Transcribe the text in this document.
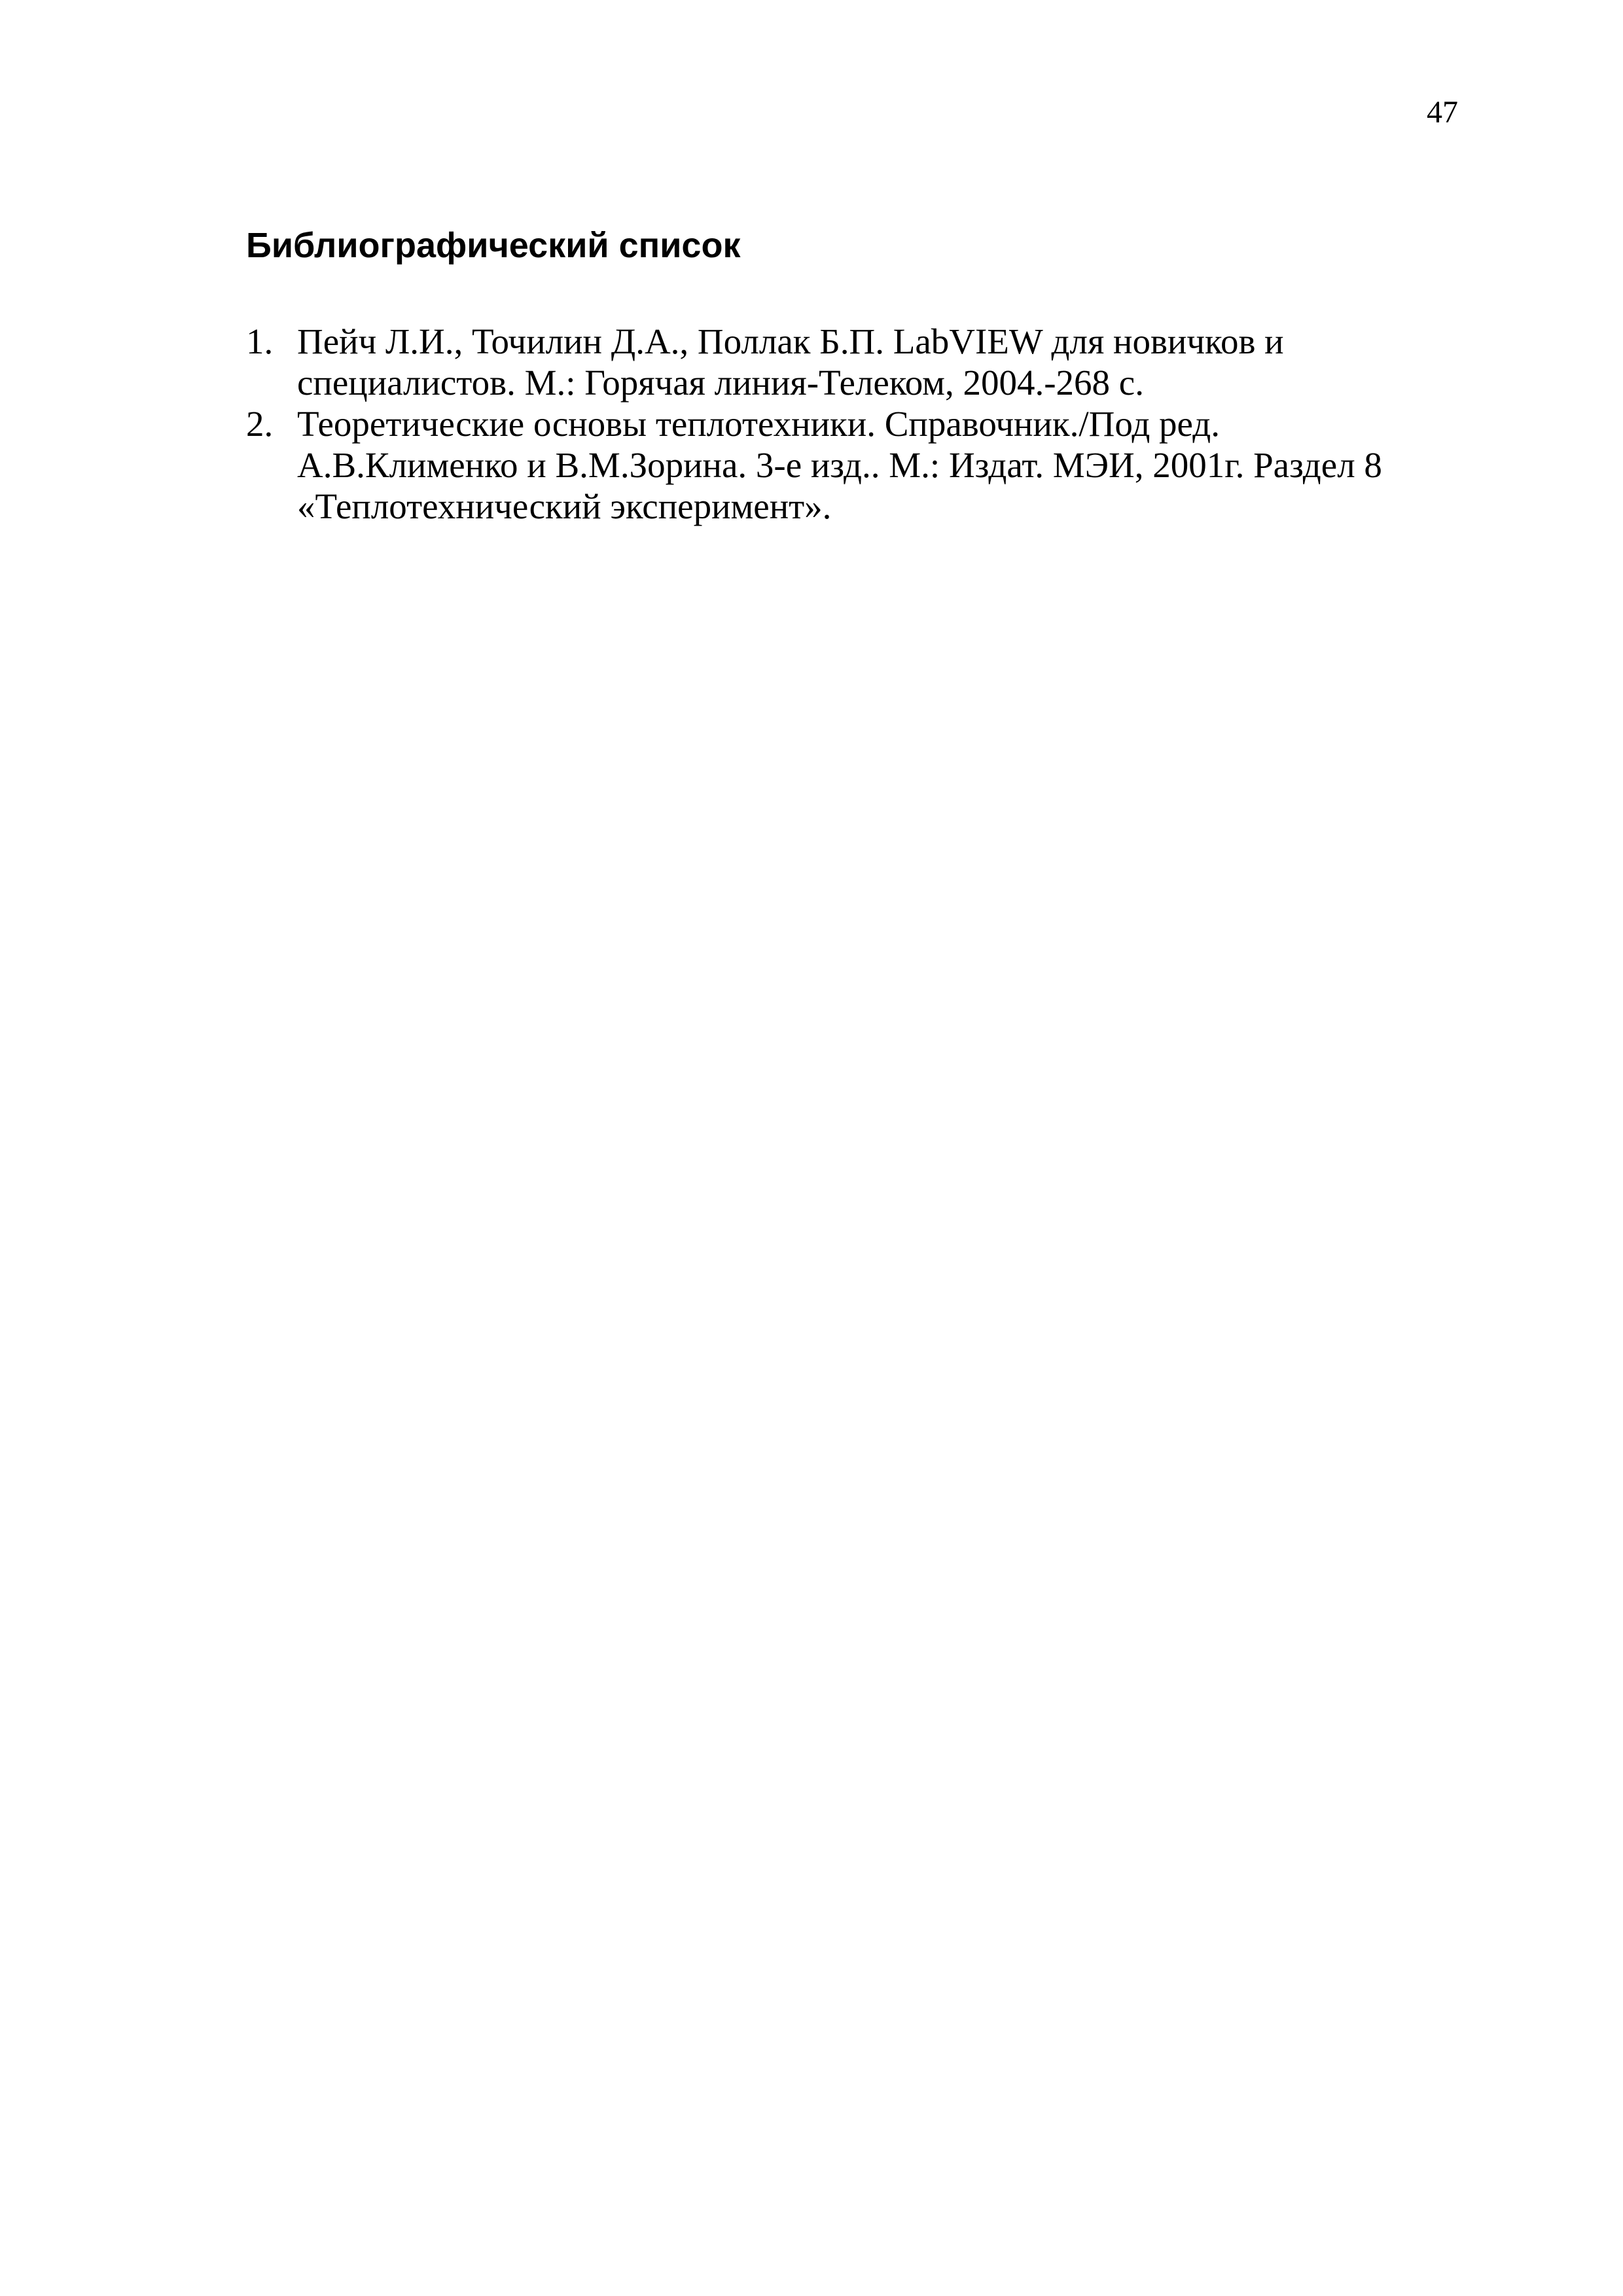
47
Библиографический список
1. Пейч Л.И., Точилин Д.А., Поллак Б.П. LabVIEW для новичков и
специалистов. М.: Горячая линия-Телеком, 2004.-268 с.
2. Теоретические основы теплотехники. Справочник./Под ред.
А.В.Клименко и В.М.Зорина. 3-е изд.. М.: Издат. МЭИ, 2001г. Раздел 8
«Теплотехнический эксперимент».
